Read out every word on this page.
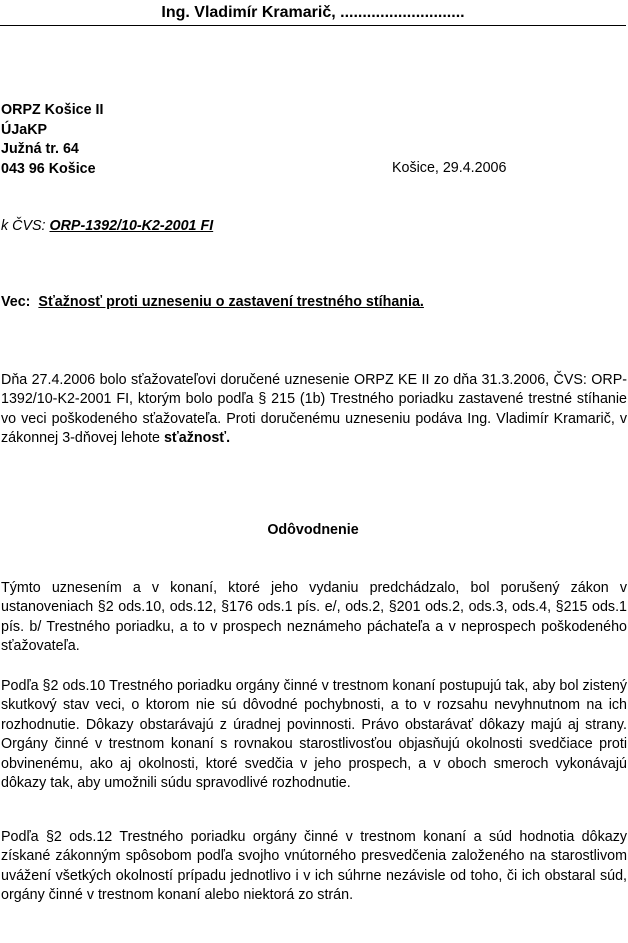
Ing. Vladimír Kramarič, ............................
ORPZ Košice II
ÚJaKP
Južná tr. 64
043 96 Košice	Košice, 29.4.2006
k ČVS: ORP-1392/10-K2-2001 FI
Vec: Sťažnosť proti uzneseniu o zastavení trestného stíhania.
Dňa 27.4.2006 bolo sťažovateľovi doručené uznesenie ORPZ KE II zo dňa 31.3.2006, ČVS: ORP-1392/10-K2-2001 FI, ktorým bolo podľa § 215 (1b) Trestného poriadku zastavené trestné stíhanie vo veci poškodeného sťažovateľa. Proti doručenému uzneseniu podáva Ing. Vladimír Kramarič, v zákonnej 3-dňovej lehote sťažnosť.
Odôvodnenie
Týmto uznesením a v konaní, ktoré jeho vydaniu predchádzalo, bol porušený zákon v ustanoveniach §2 ods.10, ods.12, §176 ods.1 pís. e/, ods.2, §201 ods.2, ods.3, ods.4, §215 ods.1 pís. b/ Trestného poriadku, a to v prospech neznámeho páchateľa a v neprospech poškodeného sťažovateľa.
Podľa §2 ods.10 Trestného poriadku orgány činné v trestnom konaní postupujú tak, aby bol zistený skutkový stav veci, o ktorom nie sú dôvodné pochybnosti, a to v rozsahu nevyhnutnom na ich rozhodnutie. Dôkazy obstarávajú z úradnej povinnosti. Právo obstarávať dôkazy majú aj strany. Orgány činné v trestnom konaní s rovnakou starostlivosťou objasňujú okolnosti svedčiace proti obvinenému, ako aj okolnosti, ktoré svedčia v jeho prospech, a v oboch smeroch vykonávajú dôkazy tak, aby umožnili súdu spravodlivé rozhodnutie.
Podľa §2 ods.12 Trestného poriadku orgány činné v trestnom konaní a súd hodnotia dôkazy získané zákonným spôsobom podľa svojho vnútorného presvedčenia založeného na starostlivom uvážení všetkých okolností prípadu jednotlivo i v ich súhrne nezávisle od toho, či ich obstaral súd, orgány činné v trestnom konaní alebo niektorá zo strán.
